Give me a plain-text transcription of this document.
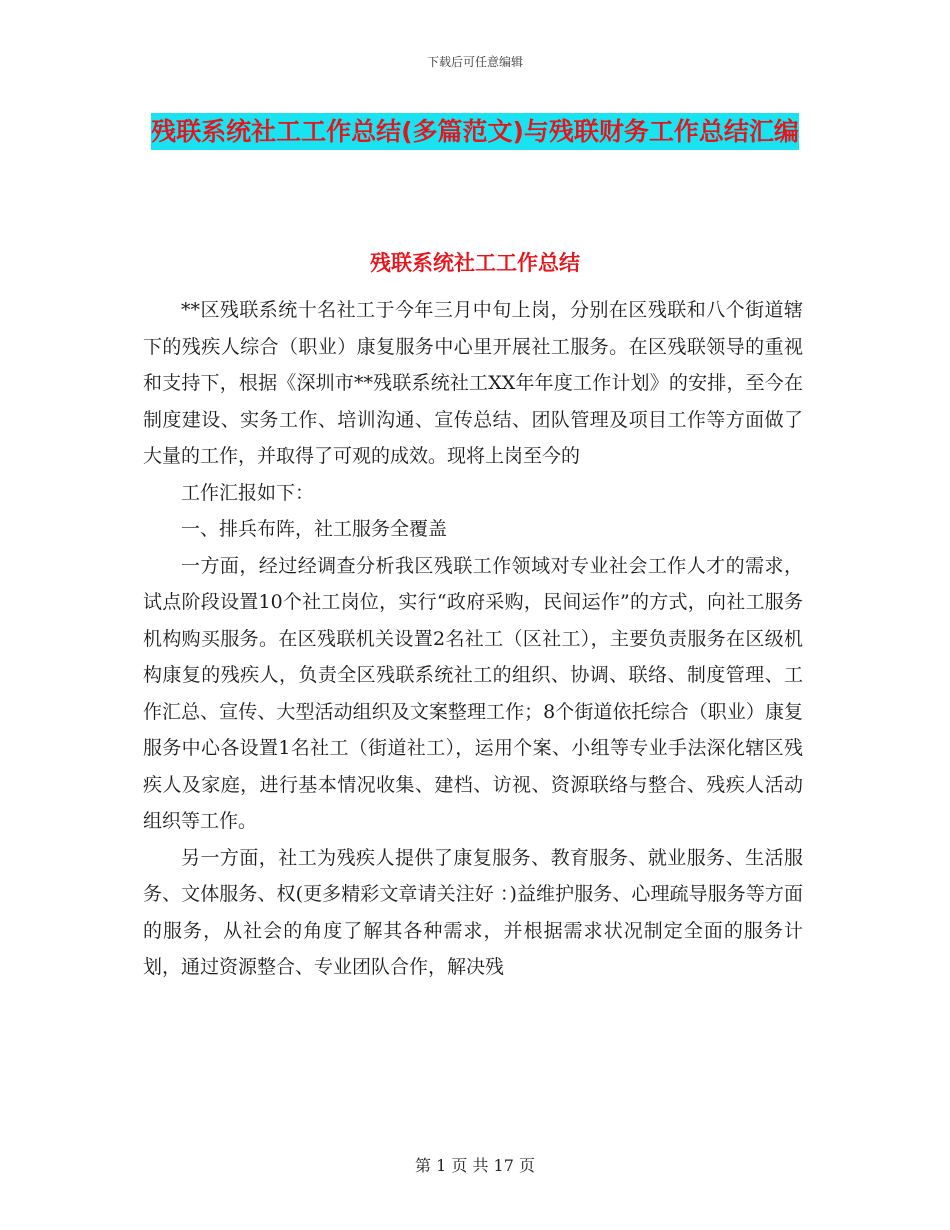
下载后可任意编辑
残联系统社工工作总结(多篇范文)与残联财务工作总结汇编
残联系统社工工作总结

**区残联系统十名社工于今年三月中旬上岗，分别在区残联和八个街道辖下的残疾人综合（职业）康复服务中心里开展社工服务。在区残联领导的重视和支持下，根据《深圳市**残联系统社工XX年年度工作计划》的安排，至今在制度建设、实务工作、培训沟通、宣传总结、团队管理及项目工作等方面做了大量的工作，并取得了可观的成效。现将上岗至今的

工作汇报如下：

一、排兵布阵，社工服务全覆盖

一方面，经过经调查分析我区残联工作领域对专业社会工作人才的需求，试点阶段设置10个社工岗位，实行“政府采购，民间运作”的方式，向社工服务机构购买服务。在区残联机关设置2名社工（区社工），主要负责服务在区级机构康复的残疾人，负责全区残联系统社工的组织、协调、联络、制度管理、工作汇总、宣传、大型活动组织及文案整理工作；8个街道依托综合（职业）康复服务中心各设置1名社工（街道社工），运用个案、小组等专业手法深化辖区残疾人及家庭，进行基本情况收集、建档、访视、资源联络与整合、残疾人活动组织等工作。

另一方面，社工为残疾人提供了康复服务、教育服务、就业服务、生活服务、文体服务、权(更多精彩文章请关注好 ：)益维护服务、心理疏导服务等方面的服务，从社会的角度了解其各种需求，并根据需求状况制定全面的服务计划，通过资源整合、专业团队合作，解决残

第 1 页 共 17 页
